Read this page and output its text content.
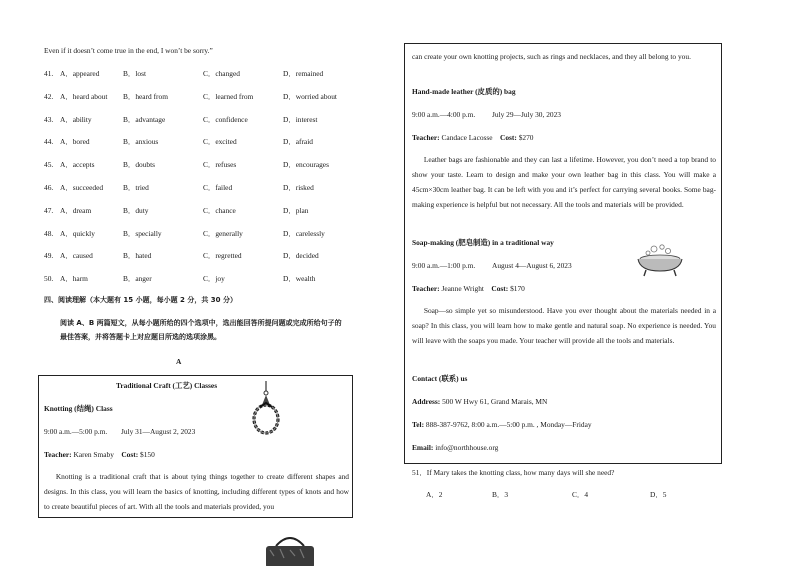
Even if it doesn’t come true in the end, I won’t be sorry.”
41. A．appeared	B．lost	C．changed	D．remained
42. A．heard about B．heard from	C．learned from	D．worried about
43. A．ability	B．advantage	C．confidence	D．interest
44. A．bored	B．anxious	C．excited	D．afraid
45. A．accepts	B．doubts	C．refuses	D．encourages
46. A．succeeded	B．tried	C．failed	D．risked
47. A．dream	B．duty	C．chance	D．plan
48. A．quickly	B．specially	C．generally	D．carelessly
49. A．caused	B．hated	C．regretted	D．decided
50. A．harm	B．anger	C．joy	D．wealth
四、阅读理解（本大题有 15 小题，每小题 2 分，共 30 分）
阅读 A、B 两篇短文，从每小题所给的四个选项中，选出能回答所提问题或完成所给句子的
最佳答案，并将答题卡上对应题目所选的选项涂黑。
A
Traditional Craft (工艺) Classes
Knotting (结绳) Class
9:00 a.m.—5:00 p.m. July 31—August 2, 2023
Teacher: Karen Smaby Cost: $150
Knotting is a traditional craft that is about tying things together to create different shapes and designs. In this class, you will learn the basics of knotting, including different types of knots and how to create beautiful pieces of art. With all the tools and materials provided, you
can create your own knotting projects, such as rings and necklaces, and they all belong to you.
Hand-made leather (皮质的) bag
9:00 a.m.—4:00 p.m. July 29—July 30, 2023
Teacher: Candace Lacosse Cost: $270
Leather bags are fashionable and they can last a lifetime. However, you don’t need a top brand to show your taste. Learn to design and make your own leather bag in this class. You will make a 45cm×30cm leather bag. It can be left with you and it’s perfect for carrying several books. Some bag-making experience is helpful but not necessary. All the tools and materials will be provided.
Soap-making (肥皂制造) in a traditional way
9:00 a.m.—1:00 p.m. August 4—August 6, 2023
Teacher: Jeanne Wright Cost: $170
Soap—so simple yet so misunderstood. Have you ever thought about the materials needed in a soap? In this class, you will learn how to make gentle and natural soap. No experience is needed. You will leave with the soaps you made. Your teacher will provide all the tools and materials.
Contact (联系) us
Address: 500 W Hwy 61, Grand Marais, MN
Tel: 888-387-9762, 8:00 a.m.—5:00 p.m. , Monday—Friday
Email: info@northhouse.org
51．If Mary takes the knotting class, how many days will she need?
A．2	B．3	C．4	D．5
